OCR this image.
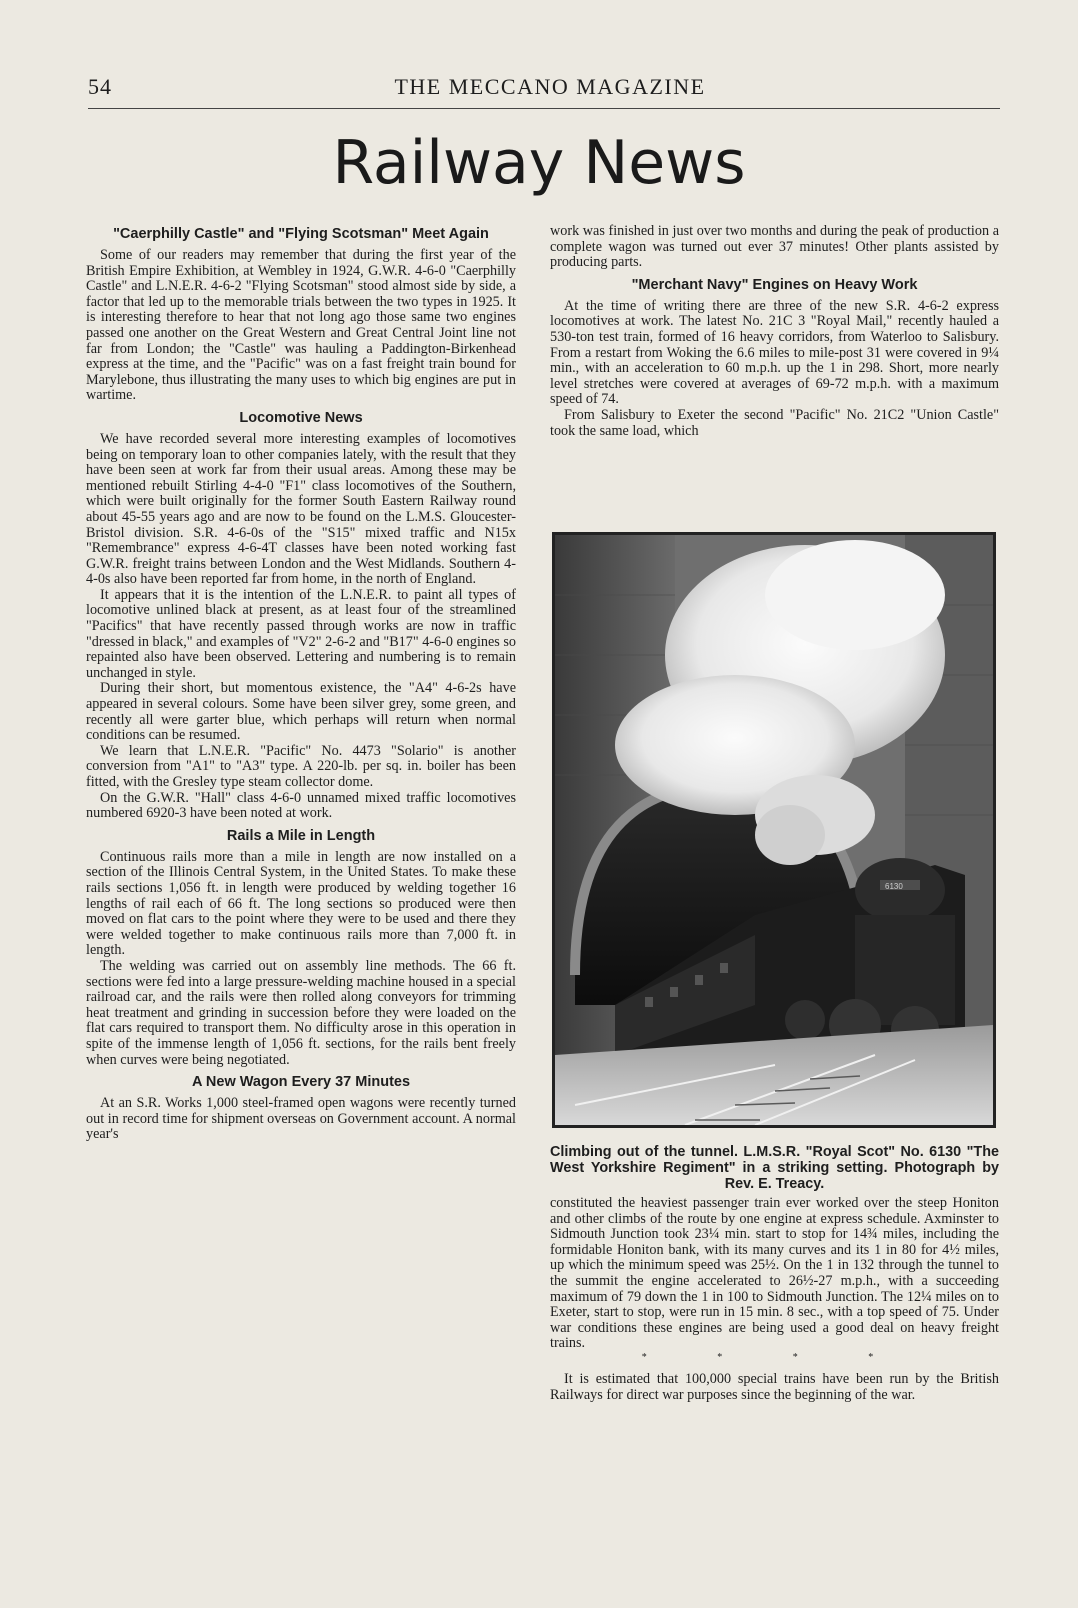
54	THE MECCANO MAGAZINE
Railway News
"Caerphilly Castle" and "Flying Scotsman" Meet Again

Some of our readers may remember that during the first year of the British Empire Exhibition, at Wembley in 1924, G.W.R. 4-6-0 "Caerphilly Castle" and L.N.E.R. 4-6-2 "Flying Scotsman" stood almost side by side, a factor that led up to the memorable trials between the two types in 1925. It is interesting therefore to hear that not long ago those same two engines passed one another on the Great Western and Great Central Joint line not far from London; the "Castle" was hauling a Paddington-Birkenhead express at the time, and the "Pacific" was on a fast freight train bound for Marylebone, thus illustrating the many uses to which big engines are put in wartime.

Locomotive News

We have recorded several more interesting examples of locomotives being on temporary loan to other companies lately, with the result that they have been seen at work far from their usual areas. Among these may be mentioned rebuilt Stirling 4-4-0 "F1" class locomotives of the Southern, which were built originally for the former South Eastern Railway round about 45-55 years ago and are now to be found on the L.M.S. Gloucester-Bristol division. S.R. 4-6-0s of the "S15" mixed traffic and N15x "Remembrance" express 4-6-4T classes have been noted working fast G.W.R. freight trains between London and the West Midlands. Southern 4-4-0s also have been reported far from home, in the north of England.

It appears that it is the intention of the L.N.E.R. to paint all types of locomotive unlined black at present, as at least four of the streamlined "Pacifics" that have recently passed through works are now in traffic "dressed in black," and examples of "V2" 2-6-2 and "B17" 4-6-0 engines so repainted also have been observed. Lettering and numbering is to remain unchanged in style.

During their short, but momentous existence, the "A4" 4-6-2s have appeared in several colours. Some have been silver grey, some green, and recently all were garter blue, which perhaps will return when normal conditions can be resumed.

We learn that L.N.E.R. "Pacific" No. 4473 "Solario" is another conversion from "A1" to "A3" type. A 220-lb. per sq. in. boiler has been fitted, with the Gresley type steam collector dome.

On the G.W.R. "Hall" class 4-6-0 unnamed mixed traffic locomotives numbered 6920-3 have been noted at work.

Rails a Mile in Length

Continuous rails more than a mile in length are now installed on a section of the Illinois Central System, in the United States. To make these rails sections 1,056 ft. in length were produced by welding together 16 lengths of rail each of 66 ft. The long sections so produced were then moved on flat cars to the point where they were to be used and there they were welded together to make continuous rails more than 7,000 ft. in length.

The welding was carried out on assembly line methods. The 66 ft. sections were fed into a large pressure-welding machine housed in a special railroad car, and the rails were then rolled along conveyors for trimming heat treatment and grinding in succession before they were loaded on the flat cars required to transport them. No difficulty arose in this operation in spite of the immense length of 1,056 ft. sections, for the rails bent freely when curves were being negotiated.

A New Wagon Every 37 Minutes

At an S.R. Works 1,000 steel-framed open wagons were recently turned out in record time for shipment overseas on Government account. A normal year's

work was finished in just over two months and during the peak of production a complete wagon was turned out ever 37 minutes! Other plants assisted by producing parts.

"Merchant Navy" Engines on Heavy Work

At the time of writing there are three of the new S.R. 4-6-2 express locomotives at work. The latest No. 21C 3 "Royal Mail," recently hauled a 530-ton test train, formed of 16 heavy corridors, from Waterloo to Salisbury. From a restart from Woking the 6.6 miles to mile-post 31 were covered in 9¼ min., with an acceleration to 60 m.p.h. up the 1 in 298. Short, more nearly level stretches were covered at averages of 69-72 m.p.h. with a maximum speed of 74.

From Salisbury to Exeter the second "Pacific" No. 21C2 "Union Castle" took the same load, which

6130
Climbing out of the tunnel. L.M.S.R. "Royal Scot" No. 6130 "The West Yorkshire Regiment" in a striking setting. Photograph by Rev. E. Treacy.

constituted the heaviest passenger train ever worked over the steep Honiton and other climbs of the route by one engine at express schedule. Axminster to Sidmouth Junction took 23¼ min. start to stop for 14¾ miles, including the formidable Honiton bank, with its many curves and its 1 in 80 for 4½ miles, up which the minimum speed was 25½. On the 1 in 132 through the tunnel to the summit the engine accelerated to 26½-27 m.p.h., with a succeeding maximum of 79 down the 1 in 100 to Sidmouth Junction. The 12¼ miles on to Exeter, start to stop, were run in 15 min. 8 sec., with a top speed of 75. Under war conditions these engines are being used a good deal on heavy freight trains.

* * * *

It is estimated that 100,000 special trains have been run by the British Railways for direct war purposes since the beginning of the war.
